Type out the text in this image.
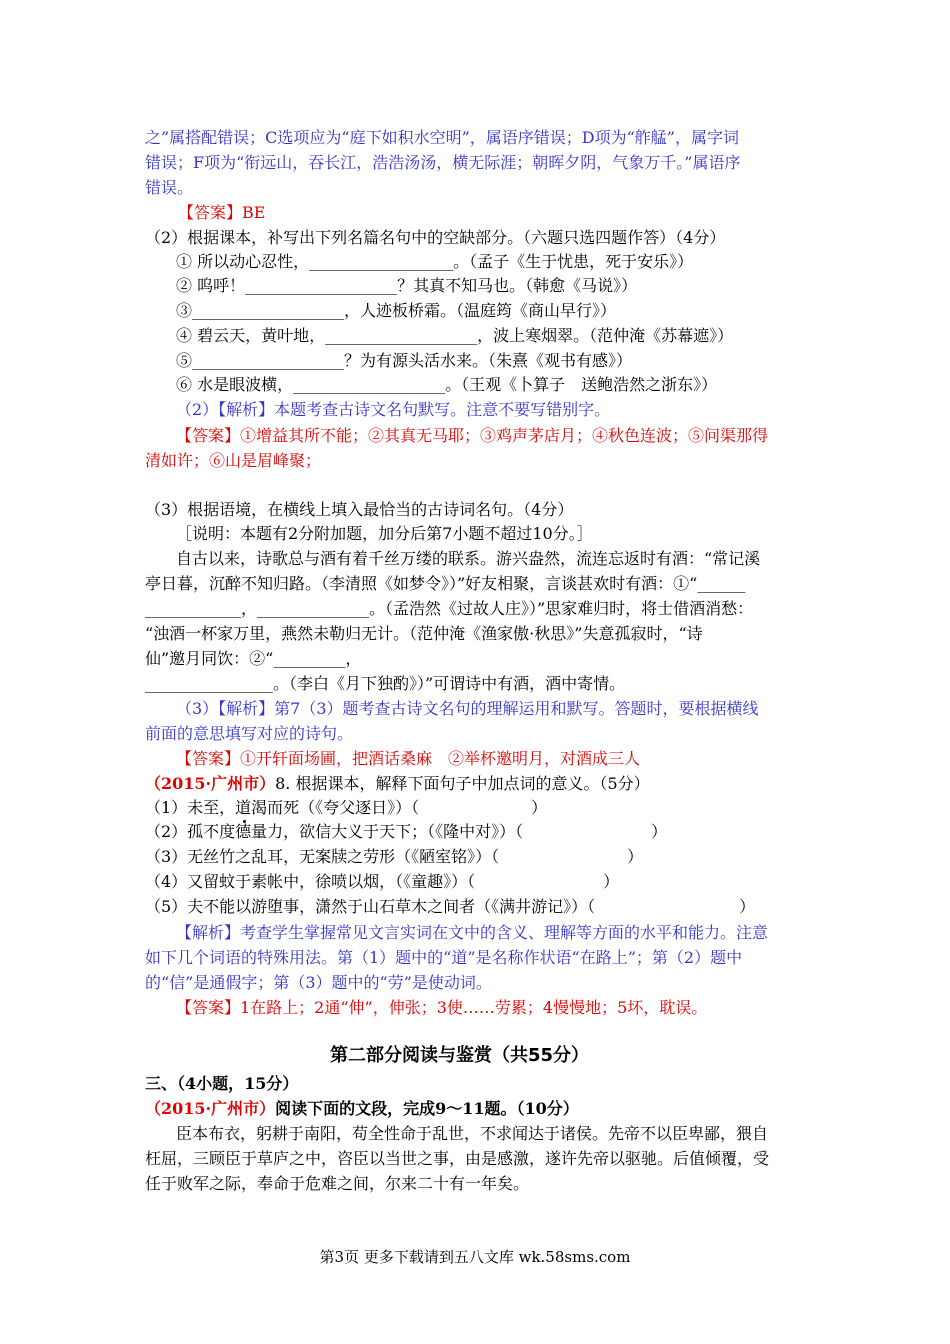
之”属搭配错误；C选项应为“庭下如积水空明”，属语序错误；D项为“舴艋”，属字词
错误；F项为“衔远山，吞长江，浩浩汤汤，横无际涯；朝晖夕阴，气象万千。”属语序
错误。
【答案】BE
（2）根据课本，补写出下列名篇名句中的空缺部分。（六题只选四题作答）（4分）
① 所以动心忍性，__________________。（孟子《生于忧患，死于安乐》）
② 呜呼！___________________？其真不知马也。（韩愈《马说》）
③___________________，人迹板桥霜。（温庭筠《商山早行》）
④ 碧云天，黄叶地，___________________，波上寒烟翠。（范仲淹《苏幕遮》）
⑤___________________？为有源头活水来。（朱熹《观书有感》）
⑥ 水是眼波横，___________________。（王观《卜算子　送鲍浩然之浙东》）
（2）【解析】本题考查古诗文名句默写。注意不要写错别字。
【答案】①增益其所不能；②其真无马耶；③鸡声茅店月；④秋色连波；⑤问渠那得
清如许；⑥山是眉峰聚；
（3）根据语境，在横线上填入最恰当的古诗词名句。（4分）
［说明：本题有2分附加题，加分后第7小题不超过10分。］
自古以来，诗歌总与酒有着千丝万缕的联系。游兴盎然，流连忘返时有酒：“常记溪
亭日暮，沉醉不知归路。（李清照《如梦令》）”好友相聚，言谈甚欢时有酒：①“______
____________，______________。（孟浩然《过故人庄》）”思家难归时，将士借酒消愁：
“浊酒一杯家万里，燕然未勒归无计。（范仲淹《渔家傲·秋思》”失意孤寂时，“诗
仙”邀月同饮：②“_________，
________________。（李白《月下独酌》）”可谓诗中有酒，酒中寄情。
（3）【解析】第7（3）题考查古诗文名句的理解运用和默写。答题时，要根据横线
前面的意思填写对应的诗句。
【答案】①开轩面场圃，把酒话桑麻　②举杯邀明月，对酒成三人
（2015·广州市）8. 根据课本，解释下面句子中加点词的意义。（5分）
（1）未至，道渴而死（《夸父逐日》）（　　　　　　　）
（2）孤不度德量力，欲信大义于天下；（《隆中对》）（　　　　　　　　）
（3）无丝竹之乱耳，无案牍之劳形（《陋室铭》）（　　　　　　　　）
（4）又留蚊于素帐中，徐喷以烟，（《童趣》）（　　　　　　　　）
（5）夫不能以游堕事，潇然于山石草木之间者（《满井游记》）（　　　　　　　　　）
【解析】考查学生掌握常见文言实词在文中的含义、理解等方面的水平和能力。注意
如下几个词语的特殊用法。第（1）题中的“道”是名称作状语“在路上”；第（2）题中
的“信”是通假字；第（3）题中的“劳”是使动词。
【答案】1在路上；2通“伸”，伸张；3使……劳累；4慢慢地；5坏，耽误。
第二部分阅读与鉴赏（共55分）
三、（4小题，15分）
（2015·广州市）阅读下面的文段，完成9～11题。（10分）
臣本布衣，躬耕于南阳，苟全性命于乱世，不求闻达于诸侯。先帝不以臣卑鄙，猥自
枉屈，三顾臣于草庐之中，咨臣以当世之事，由是感激，遂许先帝以驱驰。后值倾覆，受
任于败军之际，奉命于危难之间，尔来二十有一年矣。
第3页 更多下载请到五八文库 wk.58sms.com
